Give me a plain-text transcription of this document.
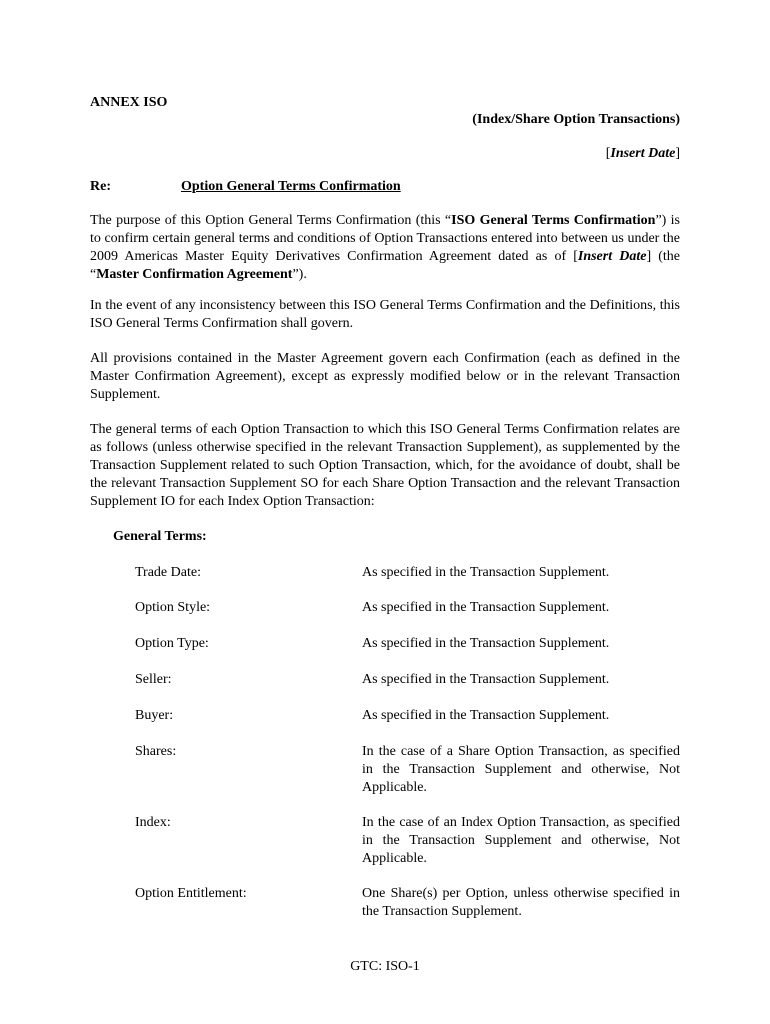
ANNEX ISO
(Index/Share Option Transactions)
[Insert Date]
Re:	Option General Terms Confirmation
The purpose of this Option General Terms Confirmation (this “ISO General Terms Confirmation”) is to confirm certain general terms and conditions of Option Transactions entered into between us under the 2009 Americas Master Equity Derivatives Confirmation Agreement dated as of [Insert Date] (the “Master Confirmation Agreement”).
In the event of any inconsistency between this ISO General Terms Confirmation and the Definitions, this ISO General Terms Confirmation shall govern.
All provisions contained in the Master Agreement govern each Confirmation (each as defined in the Master Confirmation Agreement), except as expressly modified below or in the relevant Transaction Supplement.
The general terms of each Option Transaction to which this ISO General Terms Confirmation relates are as follows (unless otherwise specified in the relevant Transaction Supplement), as supplemented by the Transaction Supplement related to such Option Transaction, which, for the avoidance of doubt, shall be the relevant Transaction Supplement SO for each Share Option Transaction and the relevant Transaction Supplement IO for each Index Option Transaction:
General Terms:
Trade Date:	As specified in the Transaction Supplement.
Option Style:	As specified in the Transaction Supplement.
Option Type:	As specified in the Transaction Supplement.
Seller:	As specified in the Transaction Supplement.
Buyer:	As specified in the Transaction Supplement.
Shares:	In the case of a Share Option Transaction, as specified in the Transaction Supplement and otherwise, Not Applicable.
Index:	In the case of an Index Option Transaction, as specified in the Transaction Supplement and otherwise, Not Applicable.
Option Entitlement:	One Share(s) per Option, unless otherwise specified in the Transaction Supplement.
GTC: ISO-1
